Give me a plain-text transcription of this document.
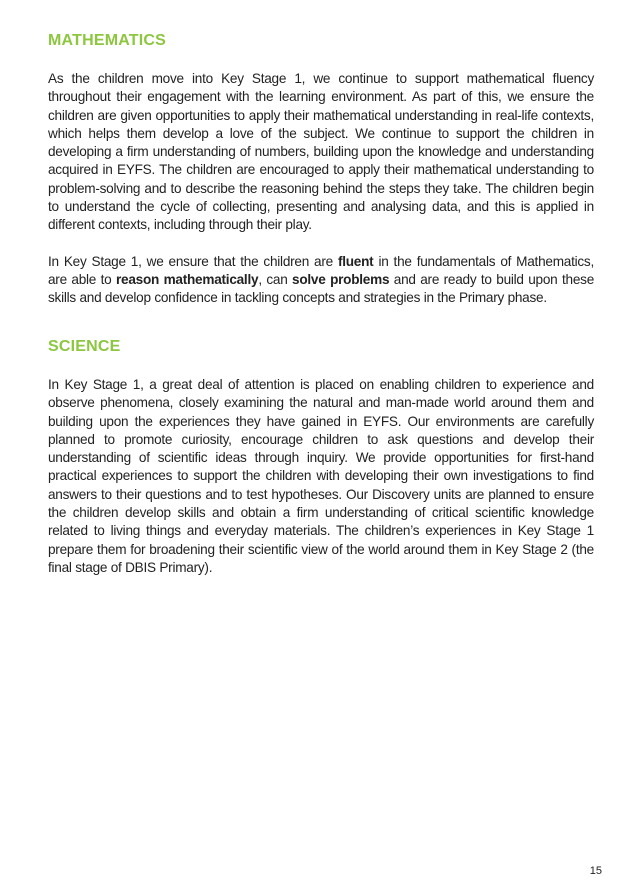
MATHEMATICS

As the children move into Key Stage 1, we continue to support mathematical fluency throughout their engagement with the learning environment. As part of this, we ensure the children are given opportunities to apply their mathematical understanding in real-life contexts, which helps them develop a love of the subject. We continue to support the children in developing a firm understanding of numbers, building upon the knowledge and understanding acquired in EYFS. The children are encouraged to apply their mathematical understanding to problem-solving and to describe the reasoning behind the steps they take. The children begin to understand the cycle of collecting, presenting and analysing data, and this is applied in different contexts, including through their play.

In Key Stage 1, we ensure that the children are fluent in the fundamentals of Mathematics, are able to reason mathematically, can solve problems and are ready to build upon these skills and develop confidence in tackling concepts and strategies in the Primary phase.

SCIENCE

In Key Stage 1, a great deal of attention is placed on enabling children to experience and observe phenomena, closely examining the natural and man-made world around them and building upon the experiences they have gained in EYFS. Our environments are carefully planned to promote curiosity, encourage children to ask questions and develop their understanding of scientific ideas through inquiry. We provide opportunities for first-hand practical experiences to support the children with developing their own investigations to find answers to their questions and to test hypotheses. Our Discovery units are planned to ensure the children develop skills and obtain a firm understanding of critical scientific knowledge related to living things and everyday materials. The children’s experiences in Key Stage 1 prepare them for broadening their scientific view of the world around them in Key Stage 2 (the final stage of DBIS Primary).

15
